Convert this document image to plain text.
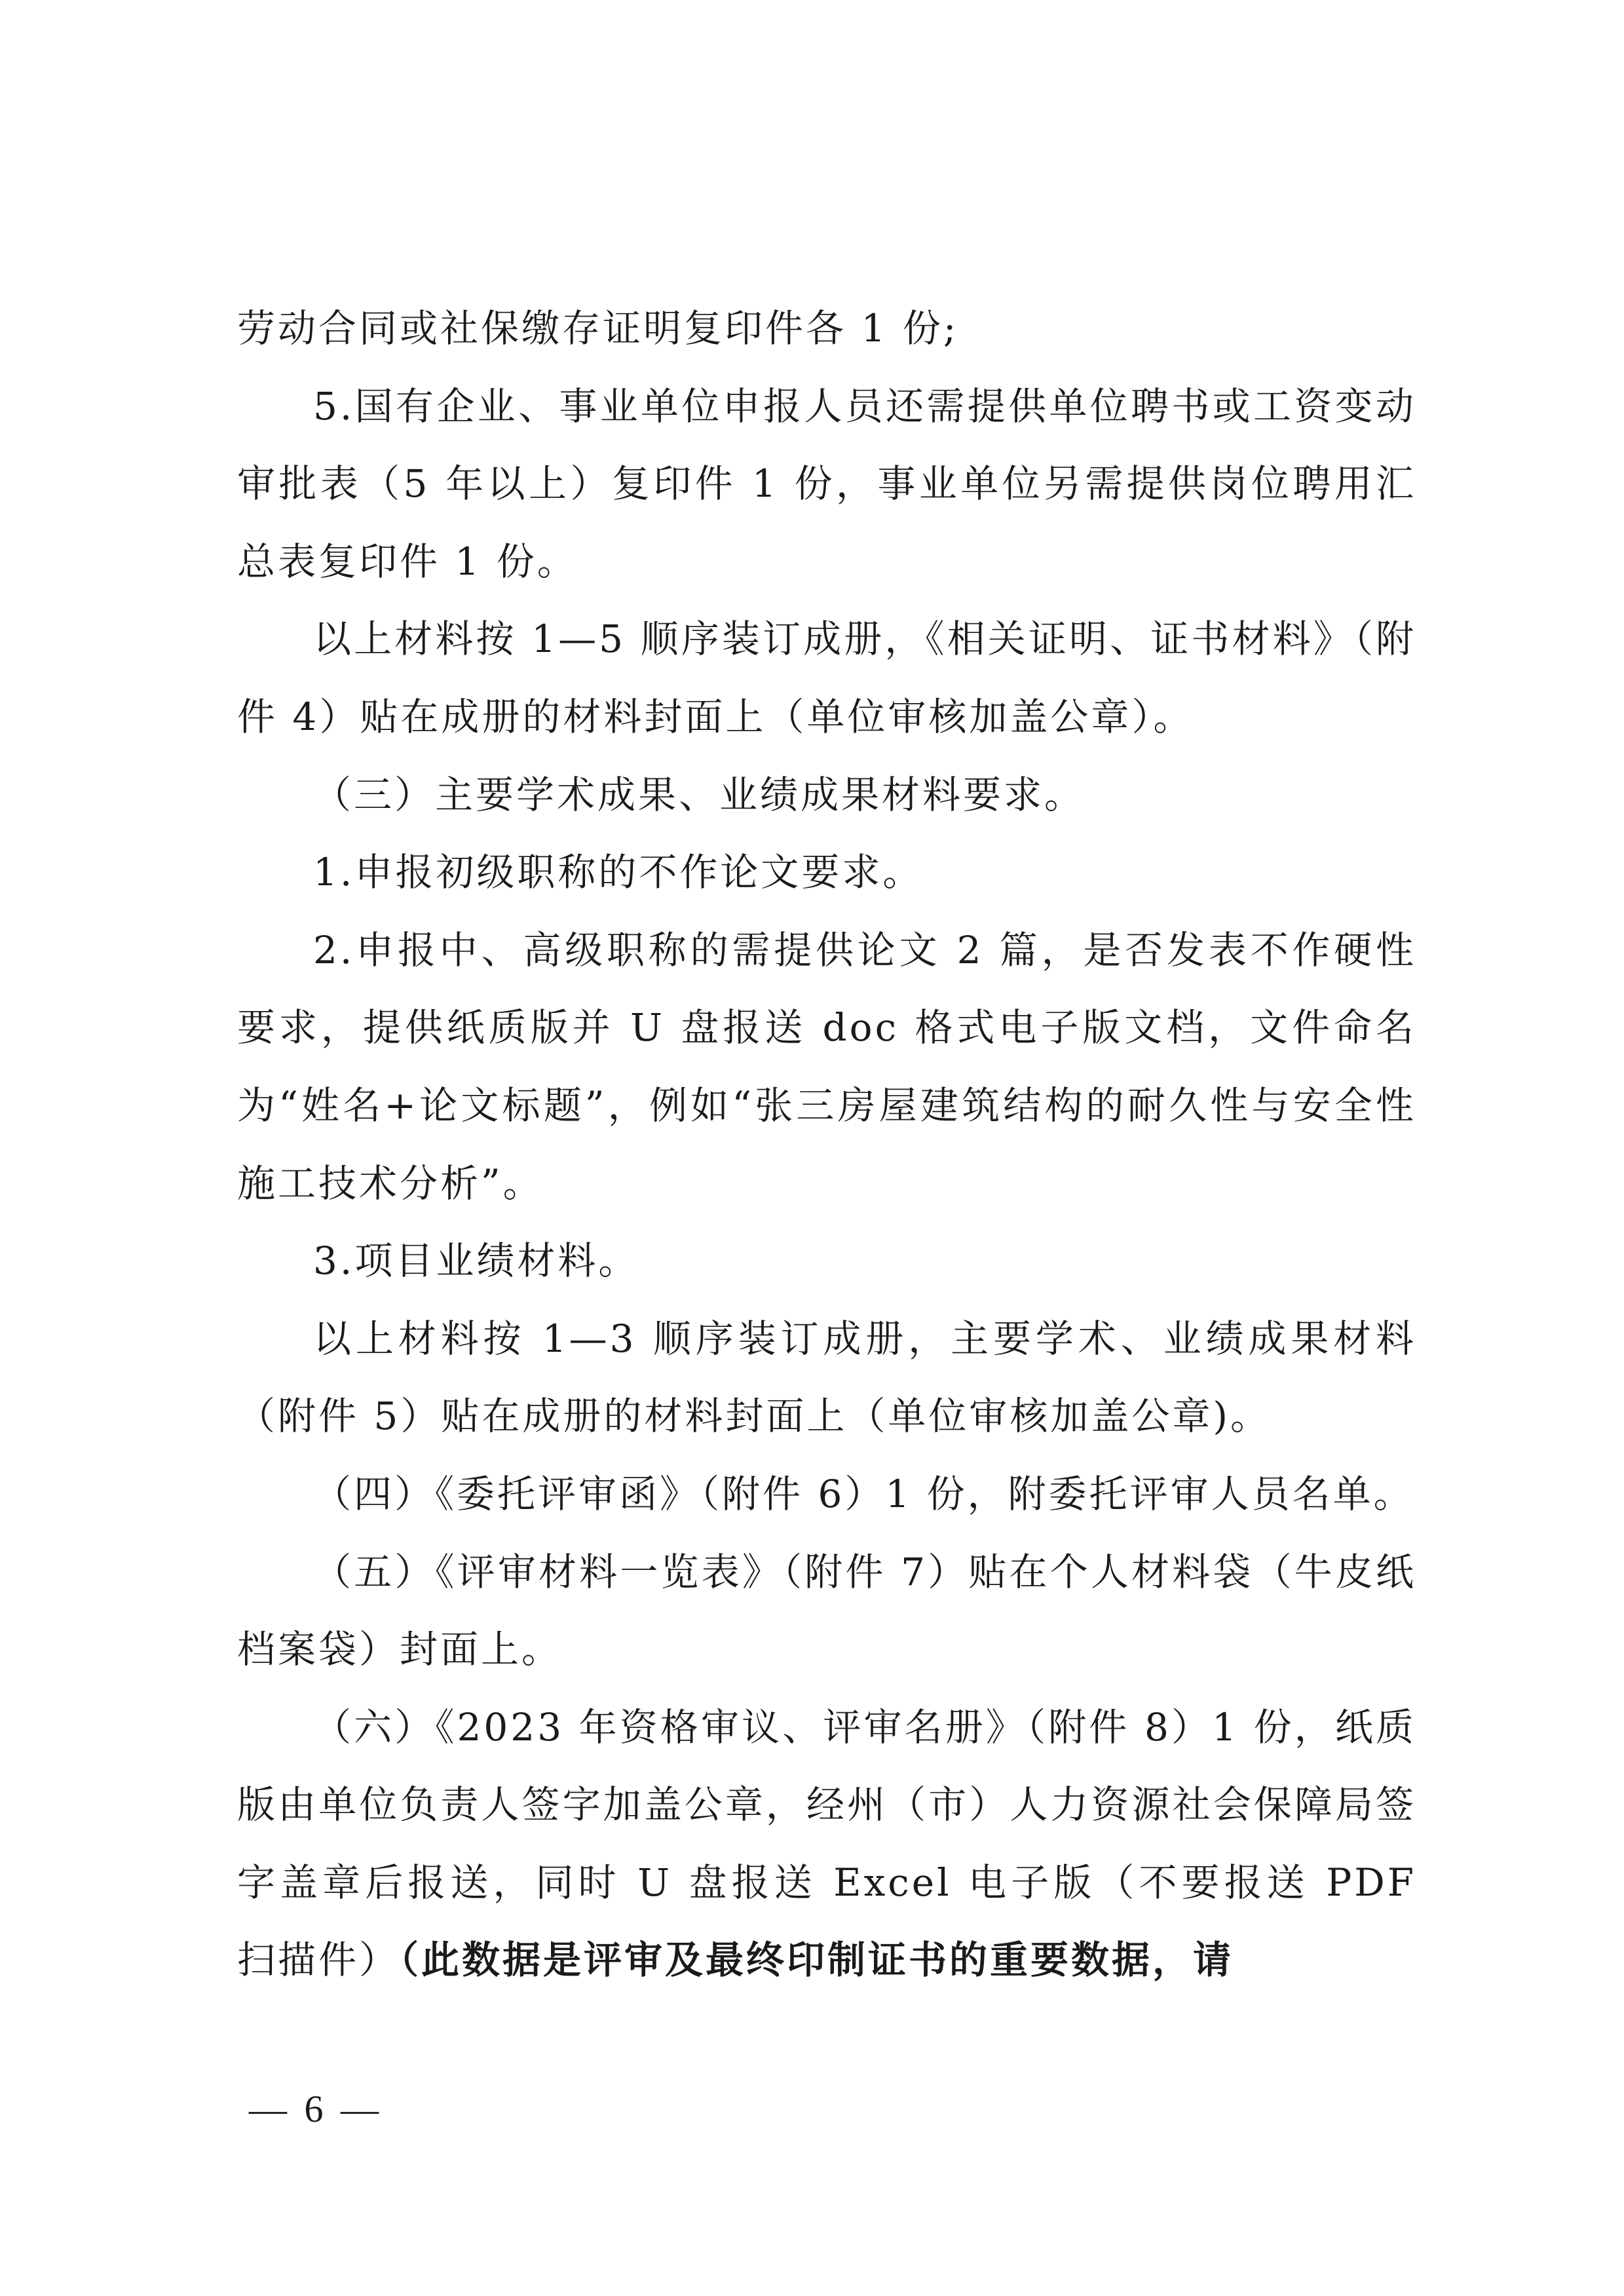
劳动合同或社保缴存证明复印件各 1 份;

5.国有企业、事业单位申报人员还需提供单位聘书或工资变动审批表（5 年以上）复印件 1 份，事业单位另需提供岗位聘用汇总表复印件 1 份。

以上材料按 1—5 顺序装订成册，《相关证明、证书材料》（附件 4）贴在成册的材料封面上（单位审核加盖公章）。

（三）主要学术成果、业绩成果材料要求。

1.申报初级职称的不作论文要求。

2.申报中、高级职称的需提供论文 2 篇，是否发表不作硬性要求，提供纸质版并 U 盘报送 doc 格式电子版文档，文件命名为“姓名+论文标题”，例如“张三房屋建筑结构的耐久性与安全性施工技术分析”。

3.项目业绩材料。

以上材料按 1—3 顺序装订成册，主要学术、业绩成果材料（附件 5）贴在成册的材料封面上（单位审核加盖公章)。

（四）《委托评审函》（附件 6）1 份，附委托评审人员名单。

（五）《评审材料一览表》（附件 7）贴在个人材料袋（牛皮纸档案袋）封面上。

（六）《2023 年资格审议、评审名册》（附件 8）1 份，纸质版由单位负责人签字加盖公章，经州（市）人力资源社会保障局签字盖章后报送，同时 U 盘报送 Excel 电子版（不要报送 PDF 扫描件）（此数据是评审及最终印制证书的重要数据，请

— 6 —
